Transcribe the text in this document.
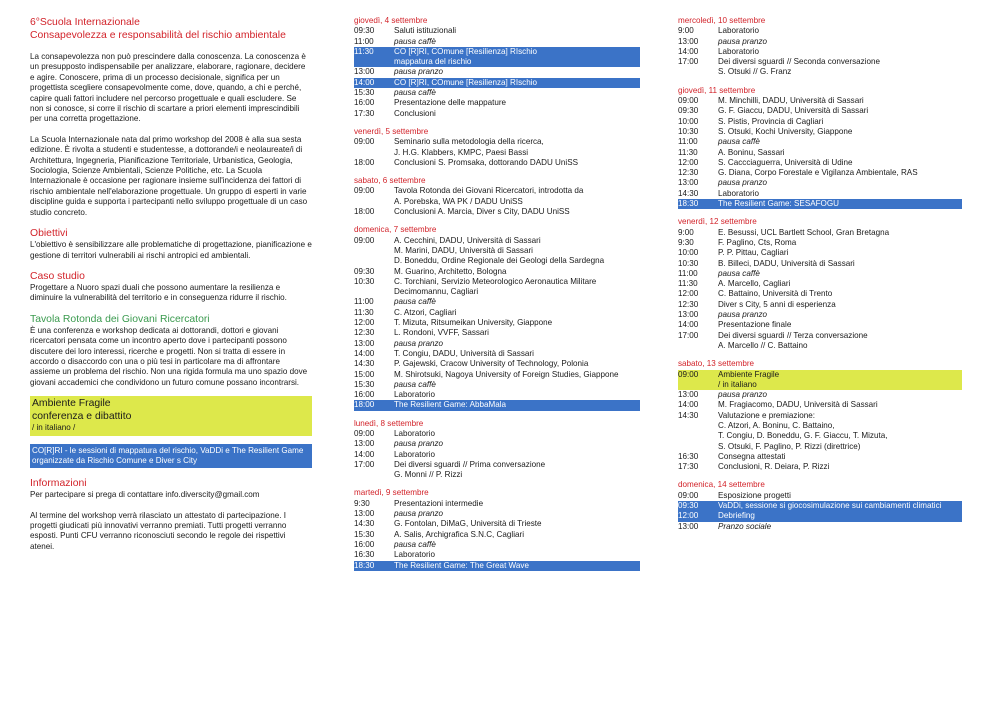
6°Scuola Internazionale
Consapevolezza e responsabilità del rischio ambientale

La consapevolezza non può prescindere dalla conoscenza. La conoscenza è un presupposto indispensabile per analizzare, elaborare, ragionare, decidere e agire. Conoscere, prima di un processo decisionale, significa per un progettista scegliere consapevolmente come, dove, quando, a chi e perché, capire quali fattori includere nel percorso progettuale e quali escludere. Se non si conosce, si corre il rischio di scartare a priori elementi imprescindibili per una corretta progettazione.

La Scuola Internazionale nata dal primo workshop del 2008 è alla sua sesta edizione. È rivolta a studenti e studentesse, a dottorande/i e neolaureate/i di Architettura, Ingegneria, Pianificazione Territoriale, Urbanistica, Geologia, Sociologia, Scienze Ambientali, Scienze Politiche, etc. La Scuola Internazionale è occasione per ragionare insieme sull'incidenza dei fattori di rischio ambientale nell'elaborazione progettuale. Un gruppo di esperti in varie discipline guida e supporta i partecipanti nello sviluppo progettuale di un caso studio concreto.

Obiettivi

L'obiettivo è sensibilizzare alle problematiche di progettazione, pianificazione e gestione di territori vulnerabili ai rischi antropici ed ambientali.

Caso studio

Progettare a Nuoro spazi duali che possono aumentare la resilienza e diminuire la vulnerabilità del territorio e in conseguenza ridurre il rischio.

Tavola Rotonda dei Giovani Ricercatori

È una conferenza e workshop dedicata ai dottorandi, dottori e giovani ricercatori pensata come un incontro aperto dove i partecipanti possono discutere dei loro interessi, ricerche e progetti. Non si tratta di essere in accordo o disaccordo con una o più tesi in particolare ma di affrontare assieme un problema del rischio. Non una rigida formula ma uno spazio dove giovani accademici che condividono un futuro comune possano incontrarsi.

Ambiente Fragile
conferenza e dibattito
/ in italiano /
CO[R]RI - le sessioni di mappatura del rischio, VaDDi e The Resilient Game organizzate da Rischio Comune e Diver s City
Informazioni

Per partecipare si prega di contattare info.diverscity@gmail.com

Al termine del workshop verrà rilasciato un attestato di partecipazione. I progetti giudicati più innovativi verranno premiati. Tutti progetti verranno esposti. Punti CFU verranno riconosciuti secondo le regole dei rispettivi atenei.

giovedì, 4 settembre
09:30	Saluti istituzionali
11:00	pausa caffè
11:30	CO [R]RI, COmune [Resilienza] RIschio
mappatura del rischio
13:00	pausa pranzo
14:00	CO [R]RI, COmune [Resilienza] RIschio
15:30	pausa caffè
16:00	Presentazione delle mappature
17:30	Conclusioni
venerdì, 5 settembre
09:00	Seminario sulla metodologia della ricerca,
J. H.G. Klabbers, KMPC, Paesi Bassi
18:00	Conclusioni S. Promsaka, dottorando DADU UniSS
sabato, 6 settembre
09:00	Tavola Rotonda dei Giovani Ricercatori, introdotta da
A. Porebska, WA PK / DADU UniSS
18:00	Conclusioni A. Marcia, Diver s City, DADU UniSS
domenica, 7 settembre
09:00	A. Cecchini, DADU, Università di Sassari
M. Marini, DADU, Università di Sassari
D. Boneddu, Ordine Regionale dei Geologi della Sardegna
09:30	M. Guarino, Architetto, Bologna
10:30	C. Torchiani, Servizio Meteorologico Aeronautica Militare
Decimomannu, Cagliari
11:00	pausa caffè
11:30	C. Atzori, Cagliari
12:00	T. Mizuta, Ritsumeikan University, Giappone
12:30	L. Rondoni, VVFF, Sassari
13:00	pausa pranzo
14:00	T. Congiu, DADU, Università di Sassari
14:30	P. Gajewski, Cracow University of Technology, Polonia
15:00	M. Shirotsuki, Nagoya University of Foreign Studies, Giappone
15:30	pausa caffè
16:00	Laboratorio
18:00	The Resilient Game: AbbaMala
lunedì, 8 settembre
09:00	Laboratorio
13:00	pausa pranzo
14:00	Laboratorio
17:00	Dei diversi sguardi // Prima conversazione
G. Monni // P. Rizzi
martedì, 9 settembre
9:30	Presentazioni intermedie
13:00	pausa pranzo
14:30	G. Fontolan, DiMaG, Università di Trieste
15:30	A. Salis, Archigrafica S.N.C, Cagliari
16:00	pausa caffè
16:30	Laboratorio
18:30	The Resilient Game: The Great Wave
mercoledì, 10 settembre
9:00	Laboratorio
13:00	pausa pranzo
14:00	Laboratorio
17:00	Dei diversi sguardi // Seconda conversazione
S. Otsuki // G. Franz
giovedì, 11 settembre
09:00	M. Minchilli, DADU, Università di Sassari
09:30	G. F. Giaccu, DADU, Università di Sassari
10:00	S. Pistis, Provincia di Cagliari
10:30	S. Otsuki, Kochi University, Giappone
11:00	pausa caffè
11:30	A. Boninu, Sassari
12:00	S. Caccciaguerra, Università di Udine
12:30	G. Diana, Corpo Forestale e Vigilanza Ambientale, RAS
13:00	pausa pranzo
14:30	Laboratorio
18:30	The Resilient Game: SESAFOGU
venerdì, 12 settembre
9:00	E. Besussi, UCL Bartlett School, Gran Bretagna
9:30	F. Paglino, Cts, Roma
10:00	P. P. Pittau, Cagliari
10:30	B. Billeci, DADU, Università di Sassari
11:00	pausa caffè
11:30	A. Marcello, Cagliari
12:00	C. Battaino, Università di Trento
12:30	Diver s City, 5 anni di esperienza
13:00	pausa pranzo
14:00	Presentazione finale
17:00	Dei diversi sguardi // Terza conversazione
A. Marcello // C. Battaino
sabato, 13 settembre
09:00	Ambiente Fragile
/ in italiano
13:00	pausa pranzo
14:00	M. Fragiacomo, DADU, Università di Sassari
14:30	Valutazione e premiazione:
C. Atzori, A. Boninu, C. Battaino,
T. Congiu, D. Boneddu, G. F. Giaccu, T. Mizuta,
S. Otsuki, F. Paglino, P. Rizzi (direttrice)
16:30	Consegna attestati
17:30	Conclusioni, R. Deiara, P. Rizzi
domenica, 14 settembre
09:00	Esposizione progetti
09:30	VaDDi, sessione si giocosimulazione sui cambiamenti climatici
12:00	Debriefing
13:00	Pranzo sociale
